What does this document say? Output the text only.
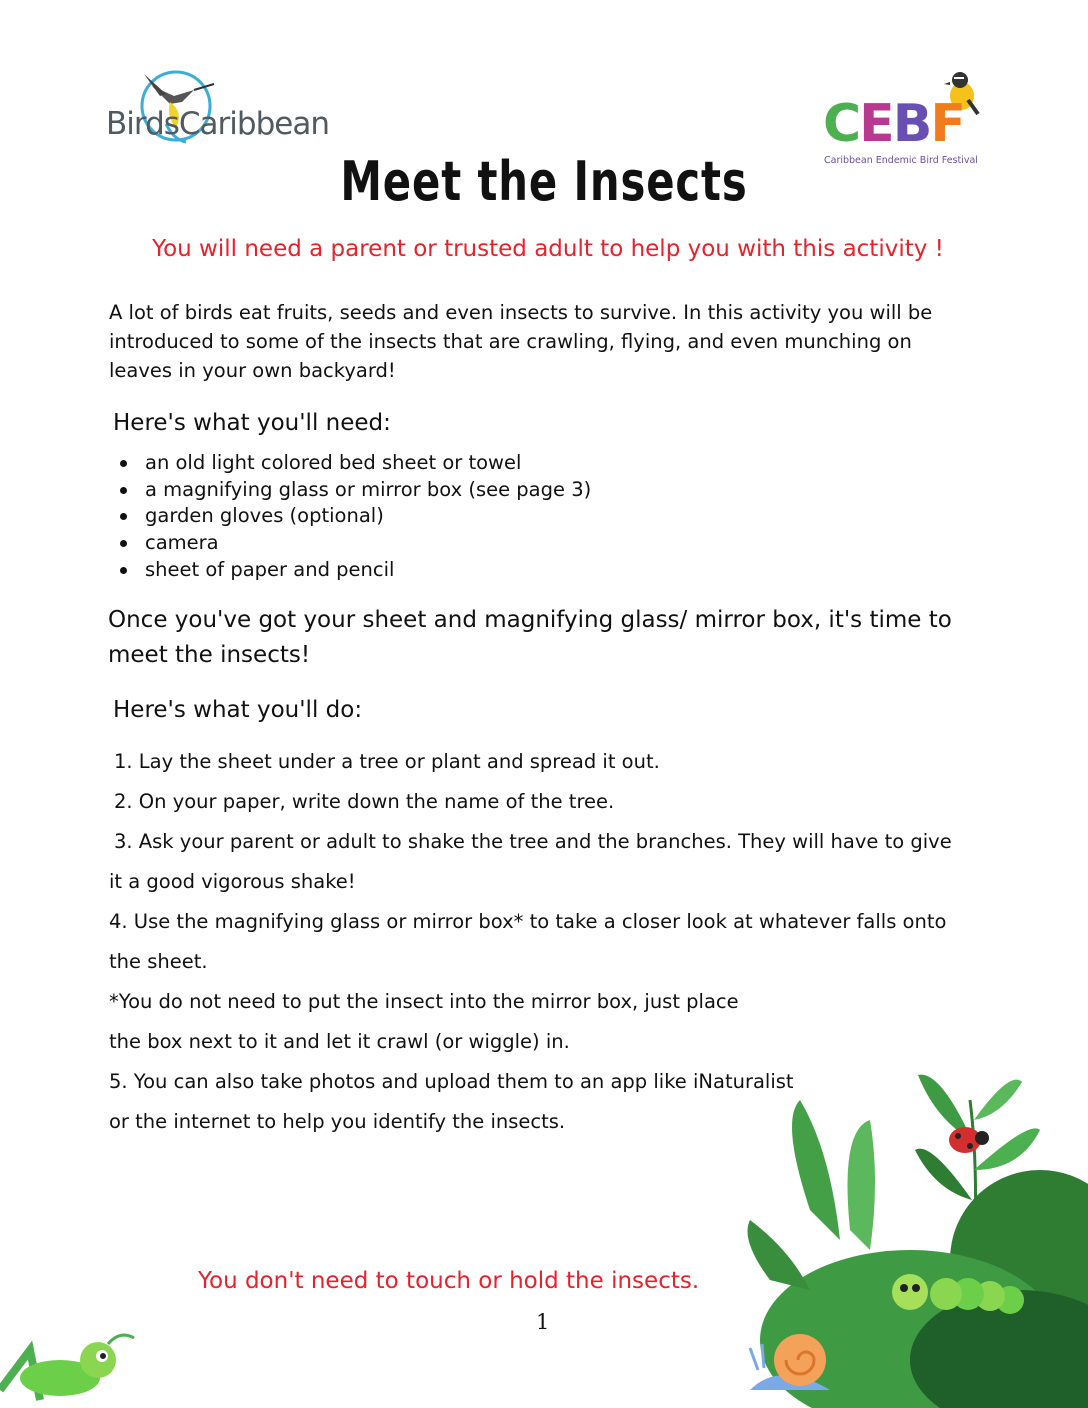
BirdsCaribbean	CEBF
Caribbean Endemic Bird Festival
Meet the Insects
You will need a parent or trusted adult to help you with this activity !
A lot of birds eat fruits, seeds and even insects to survive. In this activity you will be introduced to some of the insects that are crawling, flying, and even munching on leaves in your own backyard!
Here's what you'll need:
an old light colored bed sheet or towel
a magnifying glass or mirror box (see page 3)
garden gloves (optional)
camera
sheet of paper and pencil
Once you've got your sheet and magnifying glass/ mirror box, it's time to meet the insects!
Here's what you'll do:
1. Lay the sheet under a tree or plant and spread it out.
2. On your paper, write down the name of the tree.
3. Ask your parent or adult to shake the tree and the branches. They will have to give
it a good vigorous shake!
4. Use the magnifying glass or mirror box* to take a closer look at whatever falls onto
the sheet.
*You do not need to put the insect into the mirror box, just place
the box next to it and let it crawl (or wiggle) in.
5. You can also take photos and upload them to an app like iNaturalist
or the internet to help you identify the insects.
You don't need to touch or hold the insects.
1
